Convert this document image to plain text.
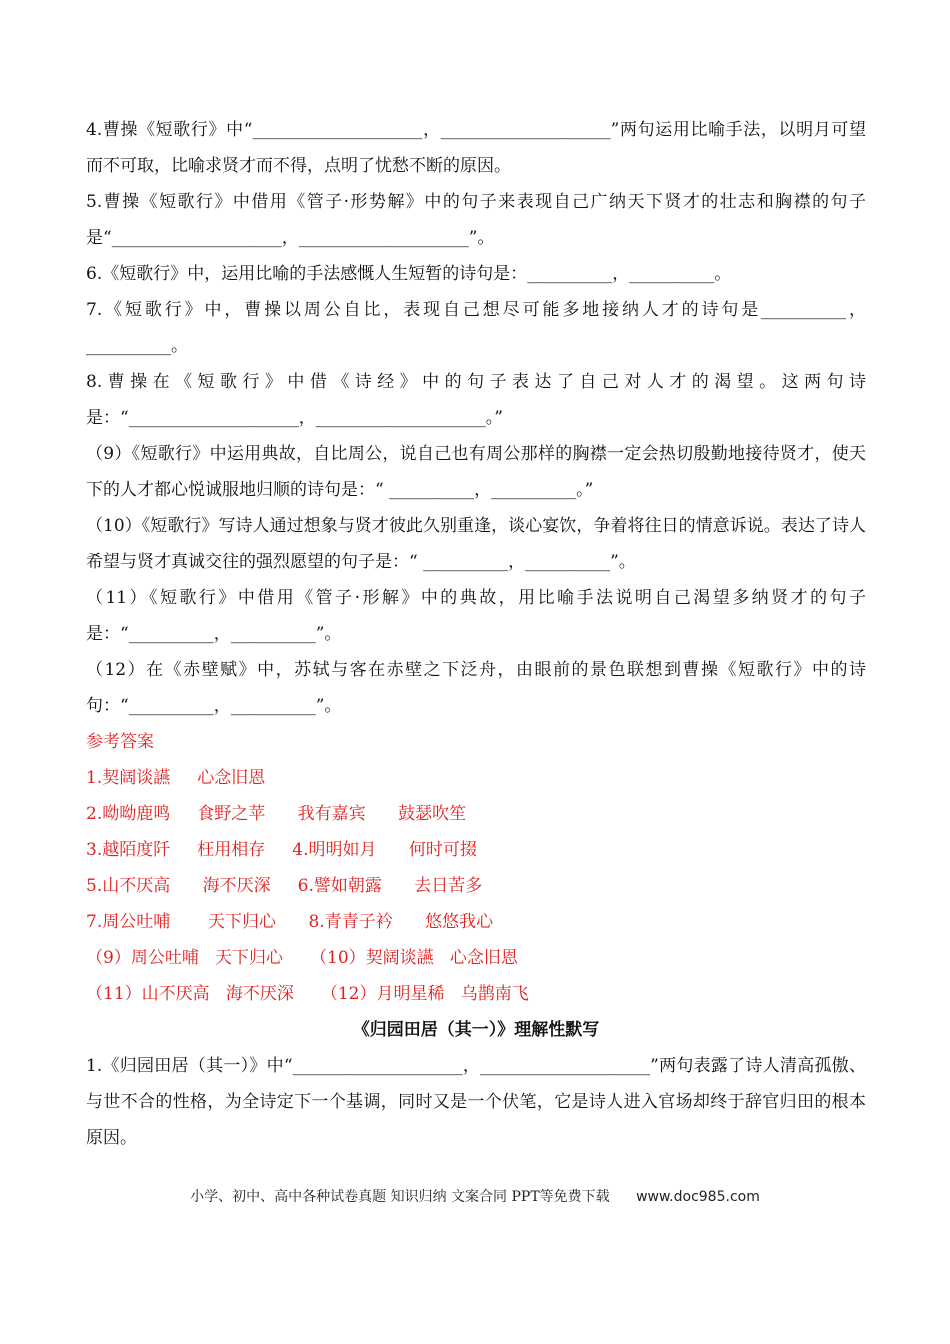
4.曹操《短歌行》中“____________________，____________________”两句运用比喻手法，以明月可望而不可取，比喻求贤才而不得，点明了忧愁不断的原因。

5.曹操《短歌行》中借用《管子·形势解》中的句子来表现自己广纳天下贤才的壮志和胸襟的句子是“____________________，____________________”。

6.《短歌行》中，运用比喻的手法感慨人生短暂的诗句是：__________，__________。

7.《短歌行》中，曹操以周公自比，表现自己想尽可能多地接纳人才的诗句是__________，__________。

8.曹操在《短歌行》中借《诗经》中的句子表达了自己对人才的渴望。这两句诗是：“____________________，____________________。”

（9）《短歌行》中运用典故，自比周公，说自己也有周公那样的胸襟一定会热切殷勤地接待贤才，使天下的人才都心悦诚服地归顺的诗句是：“ __________，__________。”

（10）《短歌行》写诗人通过想象与贤才彼此久别重逢，谈心宴饮，争着将往日的情意诉说。表达了诗人希望与贤才真诚交往的强烈愿望的句子是：“ __________，__________”。

（11）《短歌行》中借用《管子·形解》中的典故，用比喻手法说明自己渴望多纳贤才的句子是：“__________，__________”。

（12）在《赤壁赋》中，苏轼与客在赤壁之下泛舟，由眼前的景色联想到曹操《短歌行》中的诗句：“__________，__________”。

参考答案

1.契阔谈讌     心念旧恩

2.呦呦鹿鸣     食野之苹      我有嘉宾      鼓瑟吹笙

3.越陌度阡     枉用相存     4.明明如月      何时可掇

5.山不厌高      海不厌深     6.譬如朝露      去日苦多

7.周公吐哺       天下归心      8.青青子衿      悠悠我心

（9）周公吐哺   天下归心     （10）契阔谈讌   心念旧恩

（11）山不厌高   海不厌深     （12）月明星稀   乌鹊南飞

《归园田居（其一）》理解性默写

1.《归园田居（其一）》中“____________________，____________________”两句表露了诗人清高孤傲、与世不合的性格，为全诗定下一个基调，同时又是一个伏笔，它是诗人进入官场却终于辞官归田的根本原因。

小学、初中、高中各种试卷真题 知识归纳 文案合同 PPT等免费下载 www.doc985.com
